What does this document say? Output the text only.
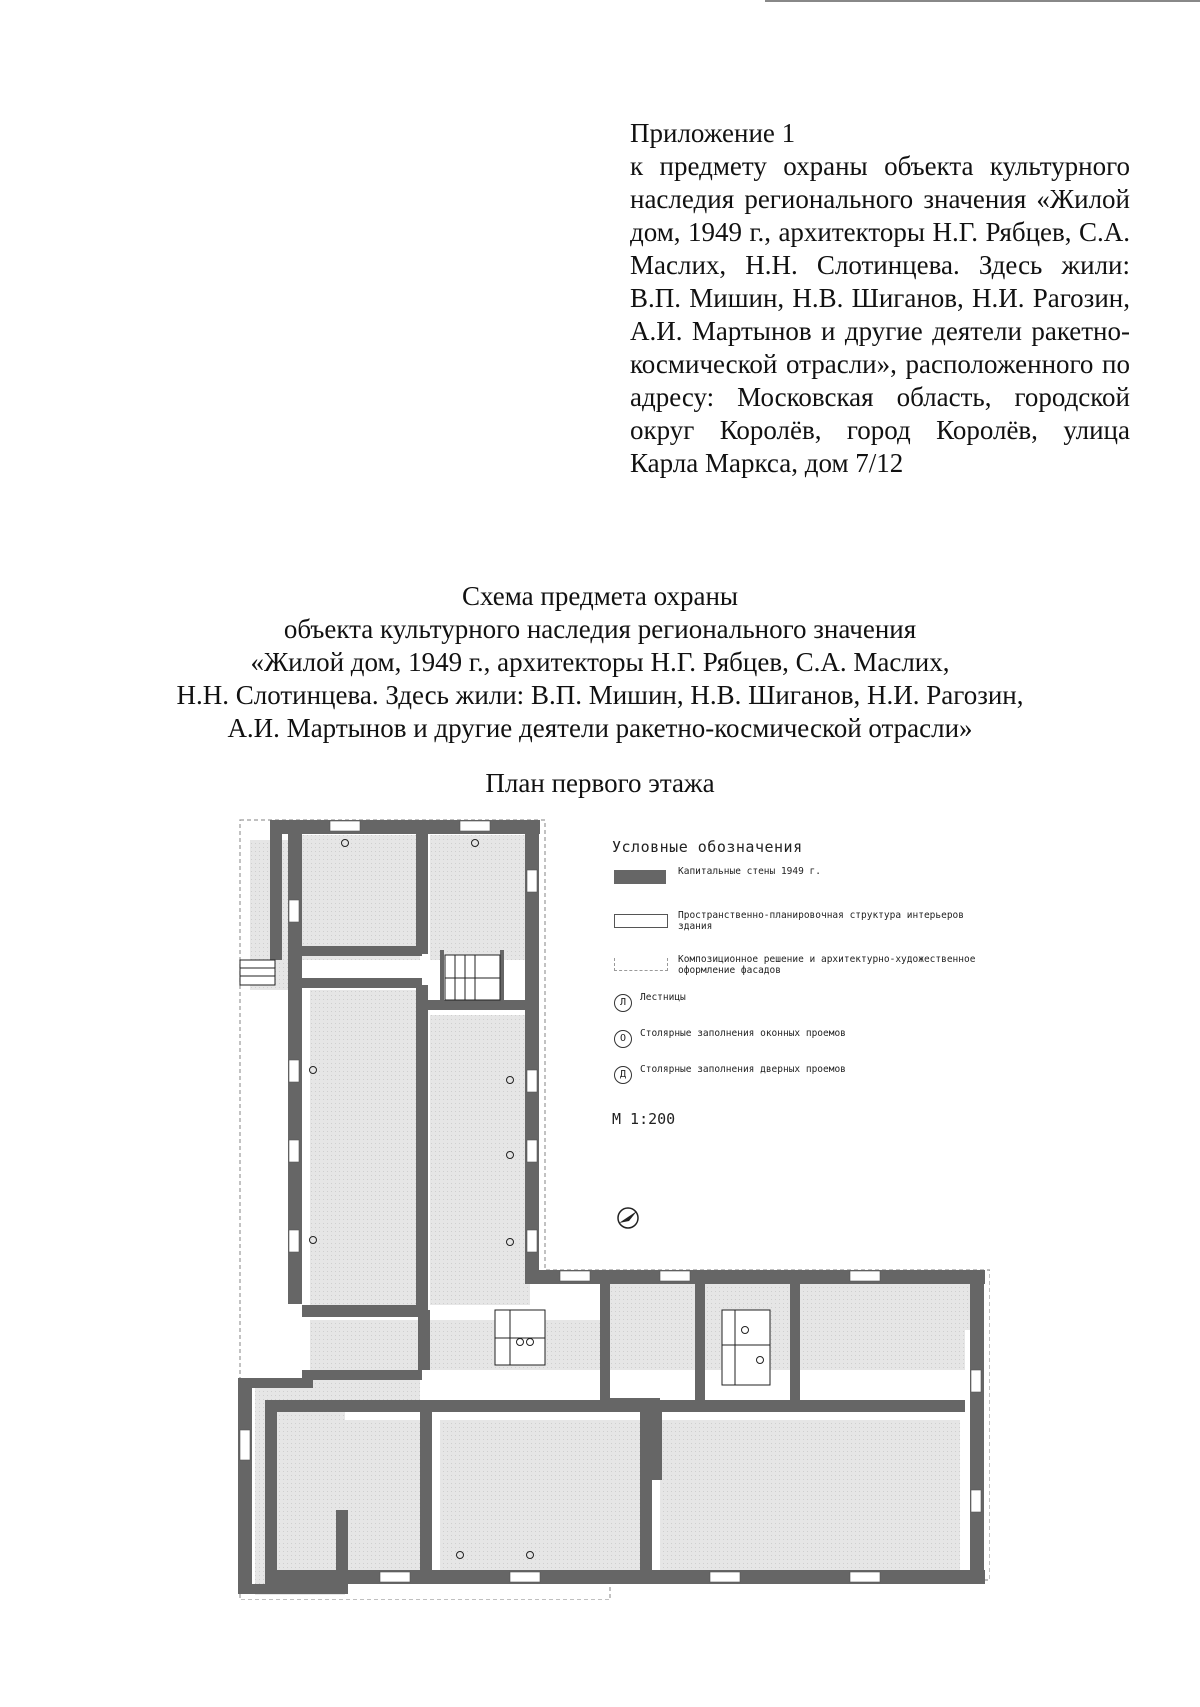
Приложение 1
к предмету охраны объекта культурного наследия регионального значения «Жилой дом, 1949 г., архитекторы Н.Г. Рябцев, С.А. Маслих, Н.Н. Слотинцева. Здесь жили: В.П. Мишин, Н.В. Шиганов, Н.И. Рагозин, А.И. Мартынов и другие деятели ракетно-космической отрасли», расположенного по адресу: Московская область, городской округ Королёв, город Королёв, улица Карла Маркса, дом 7/12
Схема предмета охраны
объекта культурного наследия регионального значения
«Жилой дом, 1949 г., архитекторы Н.Г. Рябцев, С.А. Маслих,
Н.Н. Слотинцева. Здесь жили: В.П. Мишин, Н.В. Шиганов, Н.И. Рагозин,
А.И. Мартынов и другие деятели ракетно-космической отрасли»
План первого этажа
Условные обозначения
Капитальные стены 1949 г.
Пространственно-планировочная структура интерьеров здания
Композиционное решение и архитектурно-художественное оформление фасадов
Л	Лестницы
О	Столярные заполнения оконных проемов
Д	Столярные заполнения дверных проемов
М 1:200
